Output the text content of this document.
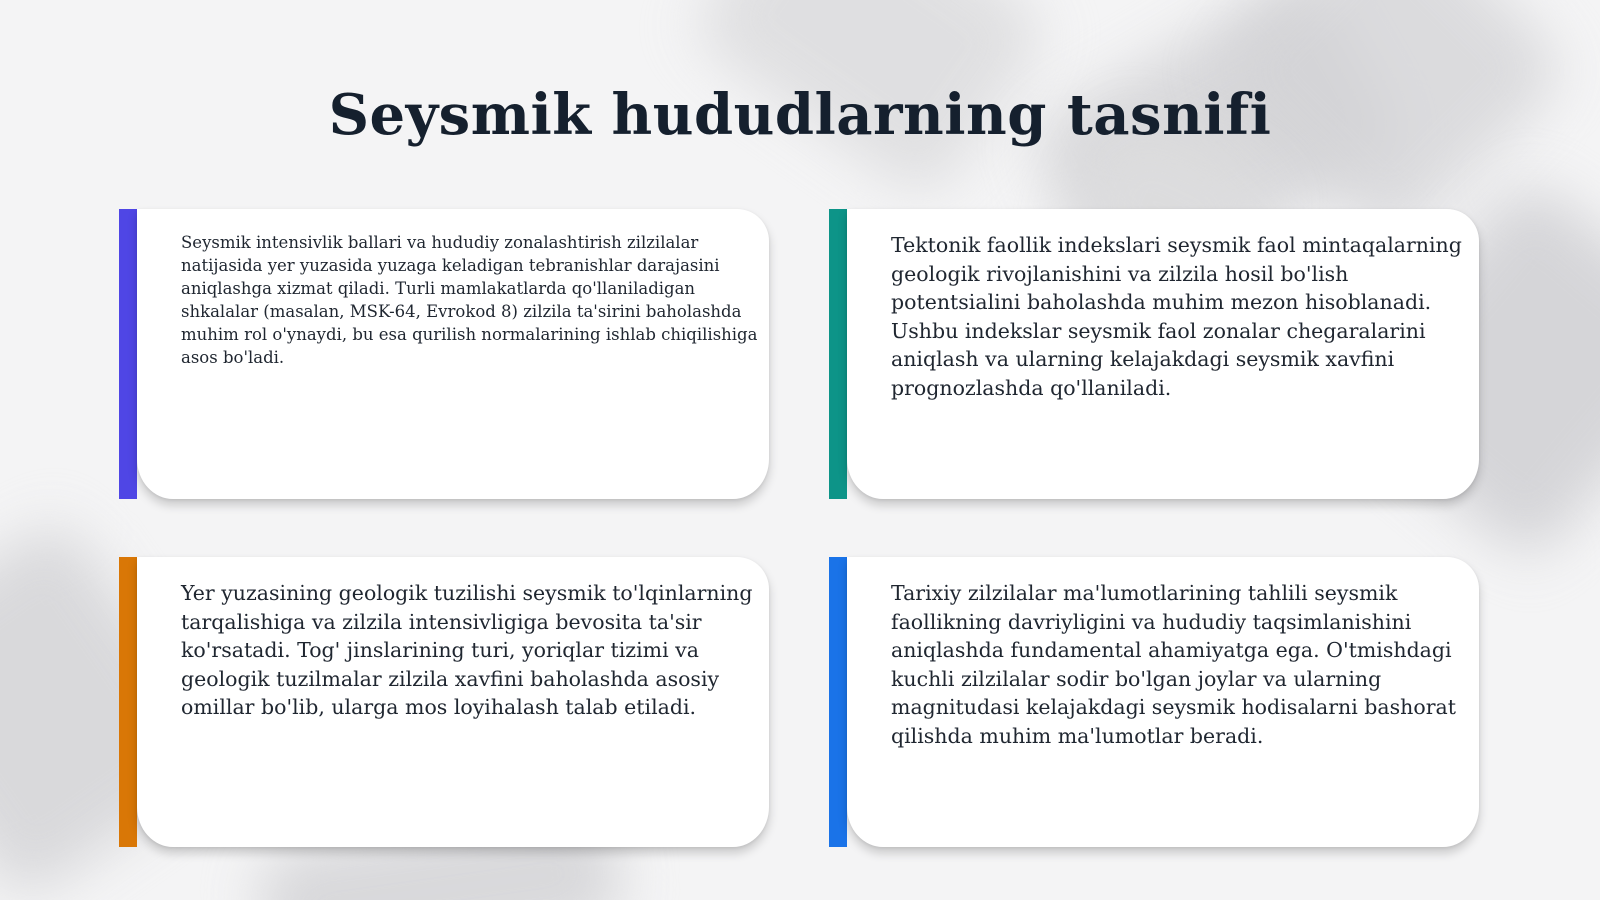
Seysmik hududlarning tasnifi
Seysmik intensivlik ballari va hududiy zonalashtirish zilzilalar natijasida yer yuzasida yuzaga keladigan tebranishlar darajasini aniqlashga xizmat qiladi. Turli mamlakatlarda qo'llaniladigan shkalalar (masalan, MSK-64, Evrokod 8) zilzila ta'sirini baholashda muhim rol o'ynaydi, bu esa qurilish normalarining ishlab chiqilishiga asos bo'ladi.
Tektonik faollik indekslari seysmik faol mintaqalarning geologik rivojlanishini va zilzila hosil bo'lish potentsialini baholashda muhim mezon hisoblanadi. Ushbu indekslar seysmik faol zonalar chegaralarini aniqlash va ularning kelajakdagi seysmik xavfini prognozlashda qo'llaniladi.
Yer yuzasining geologik tuzilishi seysmik to'lqinlarning tarqalishiga va zilzila intensivligiga bevosita ta'sir ko'rsatadi. Tog' jinslarining turi, yoriqlar tizimi va geologik tuzilmalar zilzila xavfini baholashda asosiy omillar bo'lib, ularga mos loyihalash talab etiladi.
Tarixiy zilzilalar ma'lumotlarining tahlili seysmik faollikning davriyligini va hududiy taqsimlanishini aniqlashda fundamental ahamiyatga ega. O'tmishdagi kuchli zilzilalar sodir bo'lgan joylar va ularning magnitudasi kelajakdagi seysmik hodisalarni bashorat qilishda muhim ma'lumotlar beradi.
